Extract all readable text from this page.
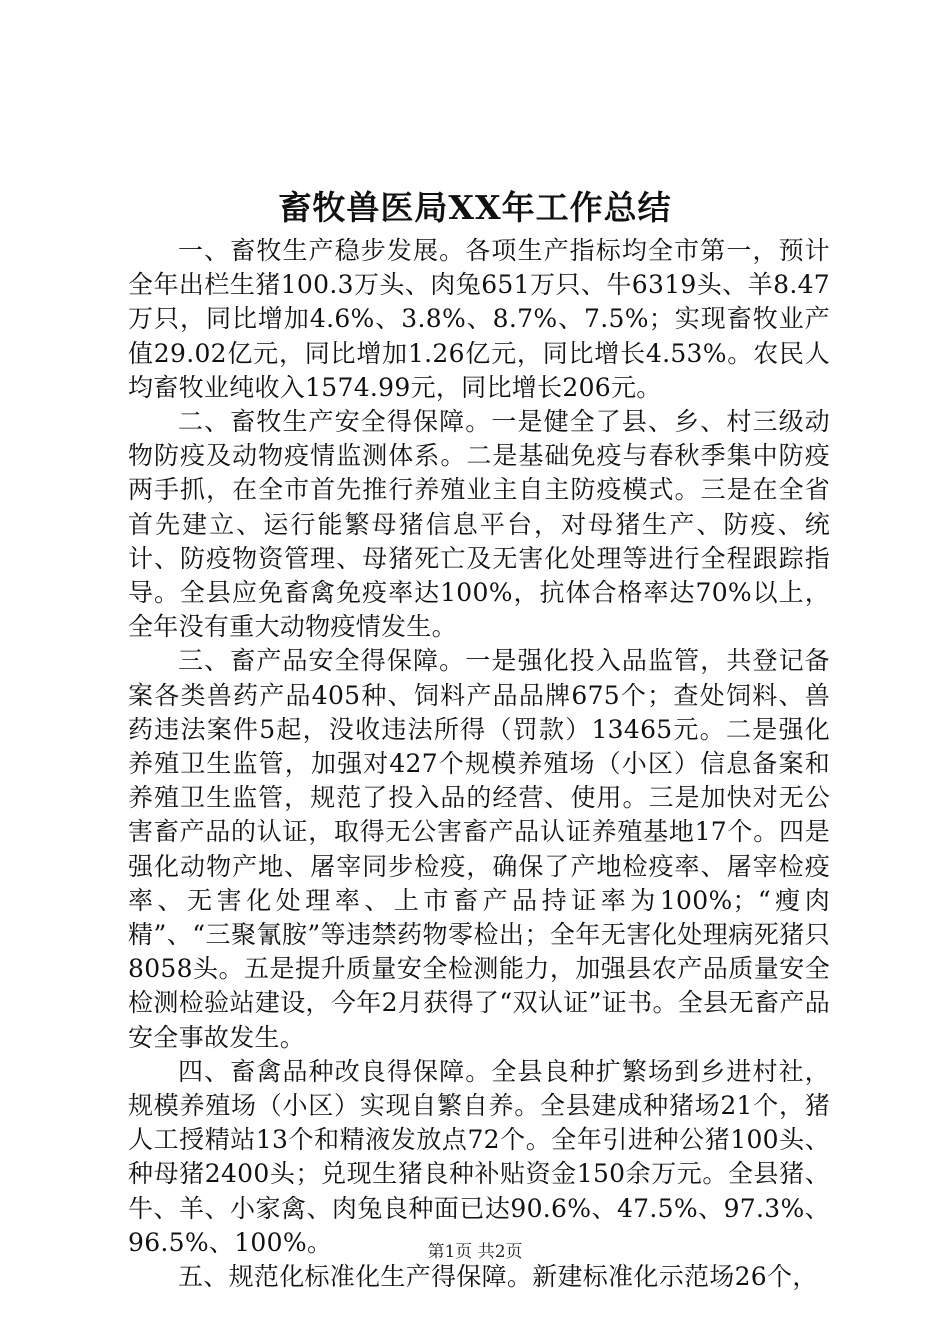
畜牧兽医局XX年工作总结

一、畜牧生产稳步发展。各项生产指标均全市第一，预计全年出栏生猪100.3万头、肉兔651万只、牛6319头、羊8.47万只，同比增加4.6%、3.8%、8.7%、7.5%；实现畜牧业产值29.02亿元，同比增加1.26亿元，同比增长4.53%。农民人均畜牧业纯收入1574.99元，同比增长206元。

二、畜牧生产安全得保障。一是健全了县、乡、村三级动物防疫及动物疫情监测体系。二是基础免疫与春秋季集中防疫两手抓，在全市首先推行养殖业主自主防疫模式。三是在全省首先建立、运行能繁母猪信息平台，对母猪生产、防疫、统计、防疫物资管理、母猪死亡及无害化处理等进行全程跟踪指导。全县应免畜禽免疫率达100%，抗体合格率达70%以上，全年没有重大动物疫情发生。

三、畜产品安全得保障。一是强化投入品监管，共登记备案各类兽药产品405种、饲料产品品牌675个；查处饲料、兽药违法案件5起，没收违法所得（罚款）13465元。二是强化养殖卫生监管，加强对427个规模养殖场（小区）信息备案和养殖卫生监管，规范了投入品的经营、使用。三是加快对无公害畜产品的认证，取得无公害畜产品认证养殖基地17个。四是强化动物产地、屠宰同步检疫，确保了产地检疫率、屠宰检疫率、无害化处理率、上市畜产品持证率为100%；“瘦肉精”、“三聚氰胺”等违禁药物零检出；全年无害化处理病死猪只8058头。五是提升质量安全检测能力，加强县农产品质量安全检测检验站建设，今年2月获得了“双认证”证书。全县无畜产品安全事故发生。

四、畜禽品种改良得保障。全县良种扩繁场到乡进村社，规模养殖场（小区）实现自繁自养。全县建成种猪场21个，猪人工授精站13个和精液发放点72个。全年引进种公猪100头、种母猪2400头；兑现生猪良种补贴资金150余万元。全县猪、牛、羊、小家禽、肉兔良种面已达90.6%、47.5%、97.3%、96.5%、100%。

五、规范化标准化生产得保障。新建标准化示范场26个，

第1页 共2页
